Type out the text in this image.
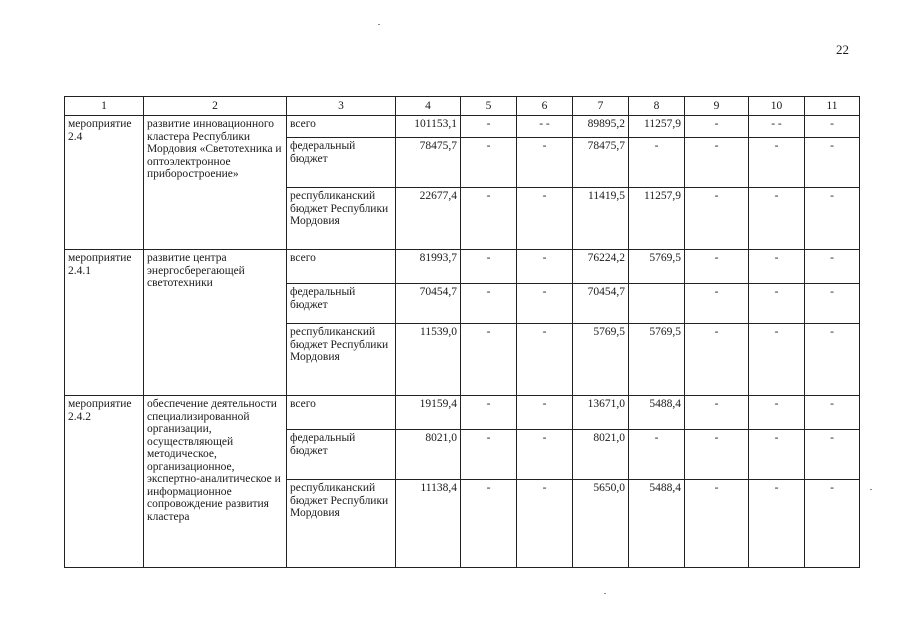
22
1	2	3	4	5	6	7	8	9	10	11
мероприятие 2.4	развитие инновационного кластера Республики Мордовия «Светотехника и оптоэлектронное приборостроение»	всего	101153,1	-	- -	89895,2	11257,9	-	- -	-
		федеральный бюджет	78475,7	-	-	78475,7	-	-	-	-
		республиканский бюджет Республики Мордовия	22677,4	-	-	11419,5	11257,9	-	-	-
мероприятие 2.4.1	развитие центра энергосберегающей светотехники	всего	81993,7	-	-	76224,2	5769,5	-	-	-
		федеральный бюджет	70454,7	-	-	70454,7		-	-	-
		республиканский бюджет Республики Мордовия	11539,0	-	-	5769,5	5769,5	-	-	-
мероприятие 2.4.2	обеспечение деятельности специализированной организации, осуществляющей методическое, организационное, экспертно-аналитическое и информационное сопровождение развития кластера	всего	19159,4	-	-	13671,0	5488,4	-	-	-
		федеральный бюджет	8021,0	-	-	8021,0	-	-	-	-
		республиканский бюджет Республики Мордовия	11138,4	-	-	5650,0	5488,4	-	-	-
